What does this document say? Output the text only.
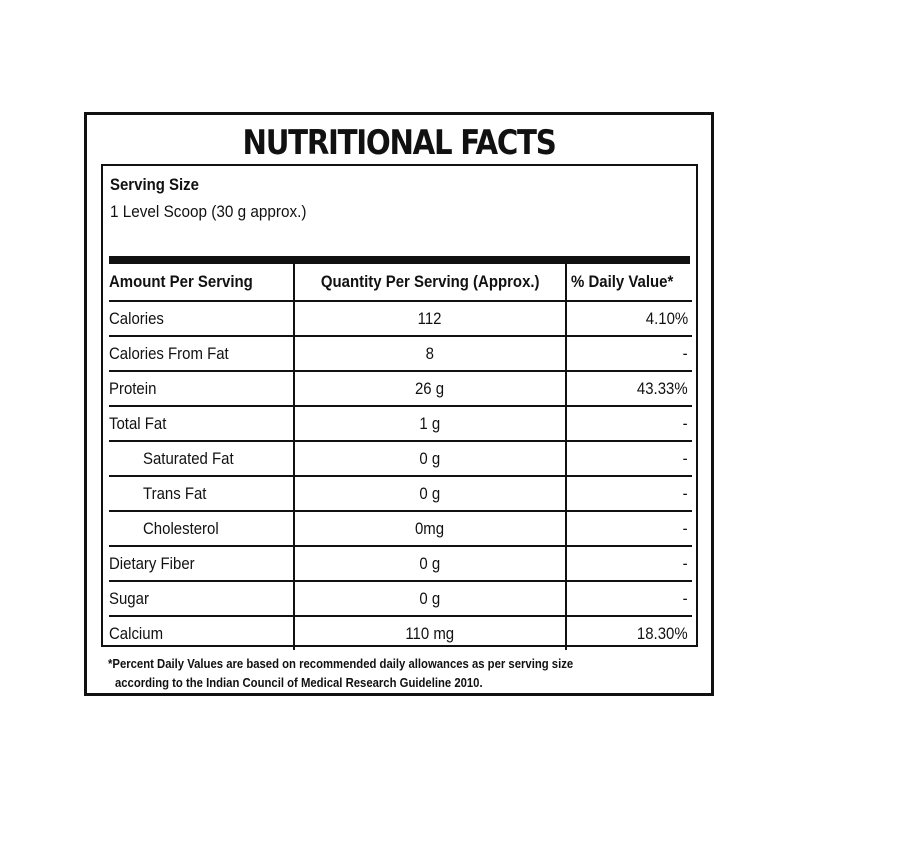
NUTRITIONAL FACTS
Serving Size
1 Level Scoop (30 g approx.)
Amount Per Serving	Quantity Per Serving (Approx.)	% Daily Value*
Calories	112	4.10%
Calories From Fat	8	-
Protein	26 g	43.33%
Total Fat	1 g	-
Saturated Fat	0 g	-
Trans Fat	0 g	-
Cholesterol	0mg	-
Dietary Fiber	0 g	-
Sugar	0 g	-
Calcium	110 mg	18.30%
*Percent Daily Values are based on recommended daily allowances as per serving size
according to the Indian Council of Medical Research Guideline 2010.
